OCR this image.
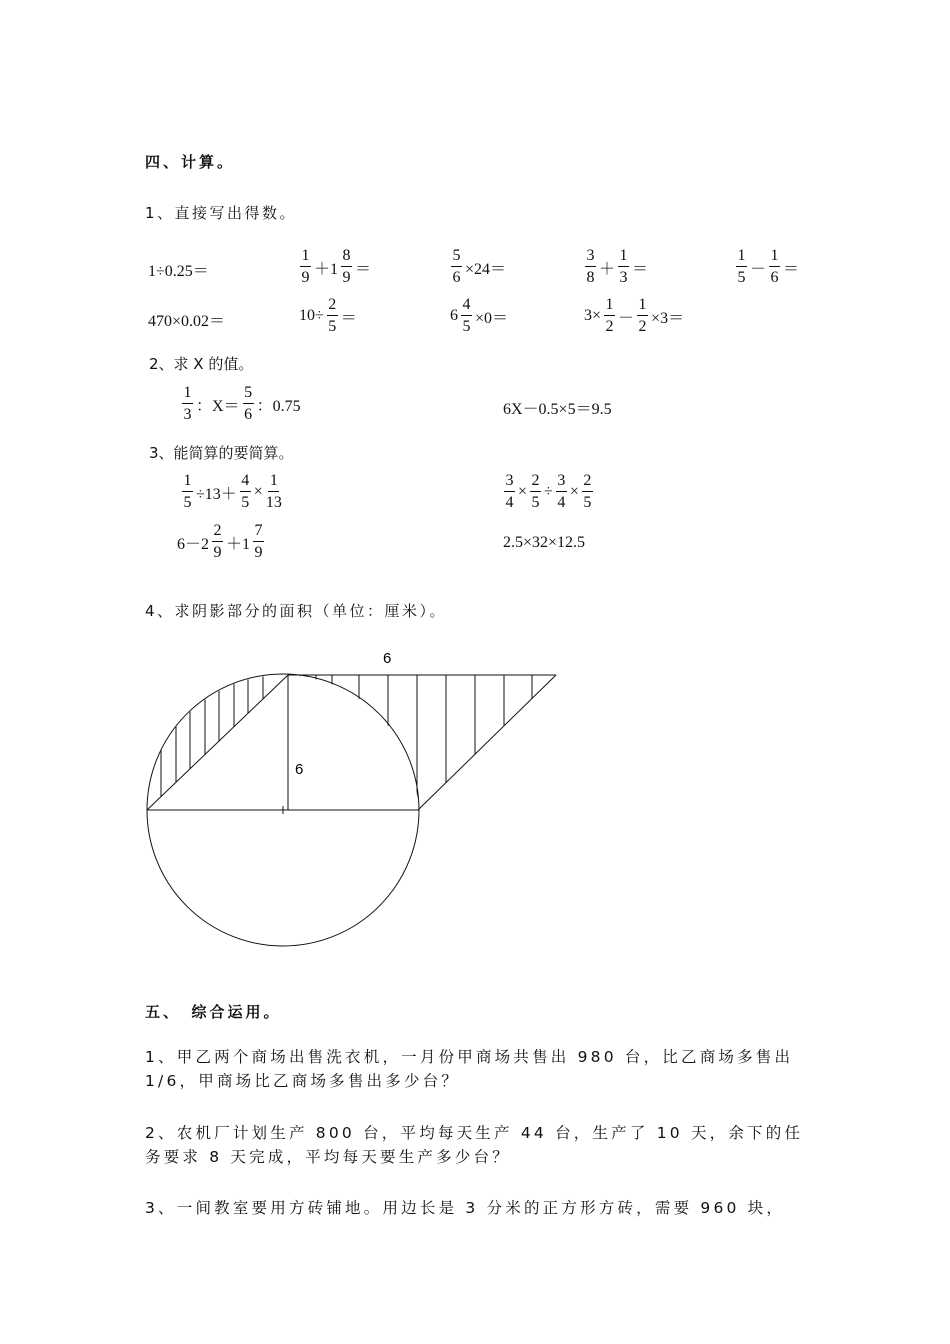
四、计算。
1、直接写出得数。
1÷0.25＝	$\frac{1}{9} +1 \frac{8}{9}$ ＝	$\frac{5}{6} \times 24=$	$\frac{3}{8} + \frac{1}{3}$ ＝	$\frac{1}{5} - \frac{1}{6}$ ＝
470×0.02＝	$10\div \frac{2}{5}$ ＝	$6 \frac{4}{5} \times 0=$	$3\times \frac{1}{2} - \frac{1}{2} \times 3=$
2、求 X 的值。
$\frac{1}{3}$ ：$X= \frac{5}{6}$ ：0.75	6X－0.5×5＝9.5
3、能简算的要简算。
$\frac{1}{5} \div 13+ \frac{4}{5} \times \frac{1}{13}$	$\frac{3}{4} \times \frac{2}{5} \div \frac{3}{4} \times \frac{2}{5}$
$6-2 \frac{2}{9} +1 \frac{7}{9}$	2.5×32×12.5
4、求阴影部分的面积（单位：厘米）。
6
6
五、　综合运用。
1、甲乙两个商场出售洗衣机，一月份甲商场共售出 980 台，比乙商场多售出 1/6，甲商场比乙商场多售出多少台？
2、农机厂计划生产 800 台，平均每天生产 44 台，生产了 10 天，余下的任务要求 8 天完成，平均每天要生产多少台？
3、一间教室要用方砖铺地。用边长是 3 分米的正方形方砖，需要 960 块，
